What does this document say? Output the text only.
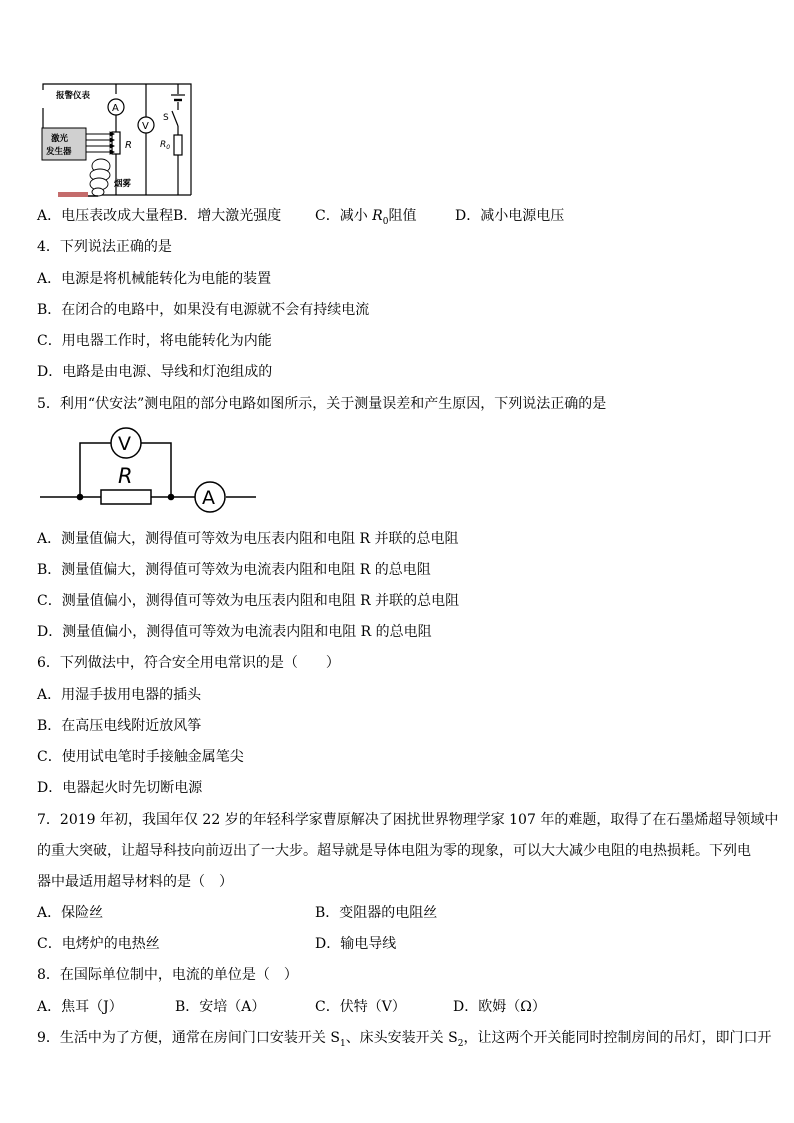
报警仪表
A
R
V
S
$R_0$
激光
发生器
烟雾
A．电压表改成大量程 B．增大激光强度 C．减小 $R_0$阻值	D．减小电源电压
4．下列说法正确的是
A．电源是将机械能转化为电能的装置
B．在闭合的电路中，如果没有电源就不会有持续电流
C．用电器工作时，将电能转化为内能
D．电路是由电源、导线和灯泡组成的
5．利用“伏安法”测电阻的部分电路如图所示，关于测量误差和产生原因，下列说法正确的是
V
R
A
A．测量值偏大，测得值可等效为电压表内阻和电阻 R 并联的总电阻
B．测量值偏大，测得值可等效为电流表内阻和电阻 R 的总电阻
C．测量值偏小，测得值可等效为电压表内阻和电阻 R 并联的总电阻
D．测量值偏小，测得值可等效为电流表内阻和电阻 R 的总电阻
6．下列做法中，符合安全用电常识的是（　　）
A．用湿手拔用电器的插头
B．在高压电线附近放风筝
C．使用试电笔时手接触金属笔尖
D．电器起火时先切断电源
7．2019 年初，我国年仅 22 岁的年轻科学家曹原解决了困扰世界物理学家 107 年的难题，取得了在石墨烯超导领域中
的重大突破，让超导科技向前迈出了一大步。超导就是导体电阻为零的现象，可以大大减少电阻的电热损耗。下列电
器中最适用超导材料的是（　）
A．保险丝	B．变阻器的电阻丝
C．电烤炉的电热丝	D．输电导线
8．在国际单位制中，电流的单位是（　）
A．焦耳（J）	B．安培（A）	C．伏特（V）	D．欧姆（Ω）
9．生活中为了方便，通常在房间门口安装开关 $S_1$、床头安装开关 $S_2$，让这两个开关能同时控制房间的吊灯，即门口开
